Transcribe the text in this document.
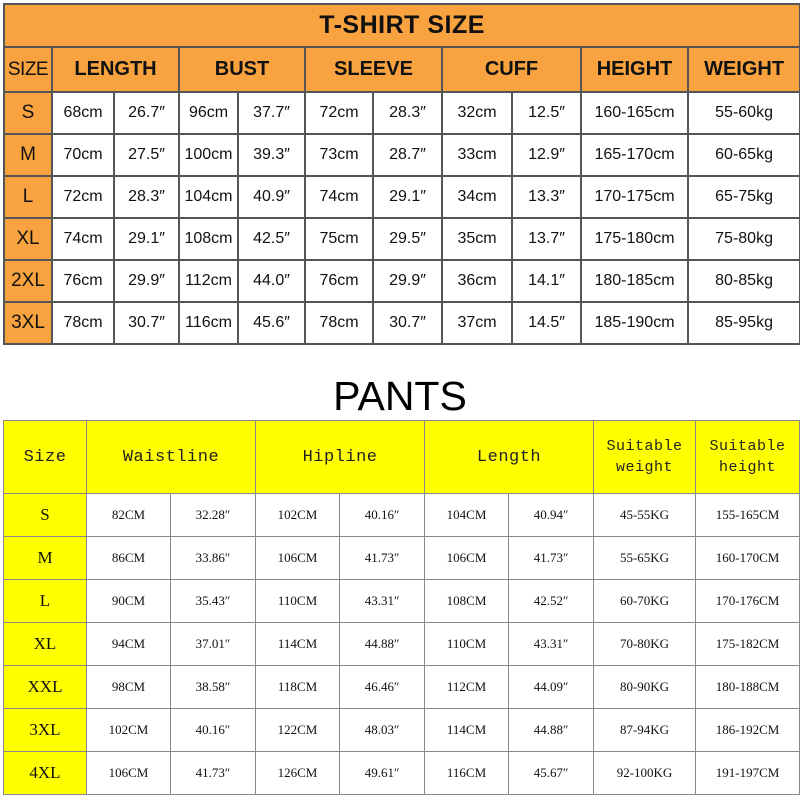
T-SHIRT SIZE										
SIZE	LENGTH		BUST		SLEEVE		CUFF		HEIGHT	WEIGHT
S	68cm	26.7″	96cm	37.7″	72cm	28.3″	32cm	12.5″	160-165cm	55-60kg
M	70cm	27.5″	100cm	39.3″	73cm	28.7″	33cm	12.9″	165-170cm	60-65kg
L	72cm	28.3″	104cm	40.9″	74cm	29.1″	34cm	13.3″	170-175cm	65-75kg
XL	74cm	29.1″	108cm	42.5″	75cm	29.5″	35cm	13.7″	175-180cm	75-80kg
2XL	76cm	29.9″	112cm	44.0″	76cm	29.9″	36cm	14.1″	180-185cm	80-85kg
3XL	78cm	30.7″	116cm	45.6″	78cm	30.7″	37cm	14.5″	185-190cm	85-95kg
PANTS
Size	Waistline		Hipline		Length		Suitable weight	Suitable height
S	82CM	32.28″	102CM	40.16″	104CM	40.94″	45-55KG	155-165CM
M	86CM	33.86″	106CM	41.73″	106CM	41.73″	55-65KG	160-170CM
L	90CM	35.43″	110CM	43.31″	108CM	42.52″	60-70KG	170-176CM
XL	94CM	37.01″	114CM	44.88″	110CM	43.31″	70-80KG	175-182CM
XXL	98CM	38.58″	118CM	46.46″	112CM	44.09″	80-90KG	180-188CM
3XL	102CM	40.16″	122CM	48.03″	114CM	44.88″	87-94KG	186-192CM
4XL	106CM	41.73″	126CM	49.61″	116CM	45.67″	92-100KG	191-197CM
